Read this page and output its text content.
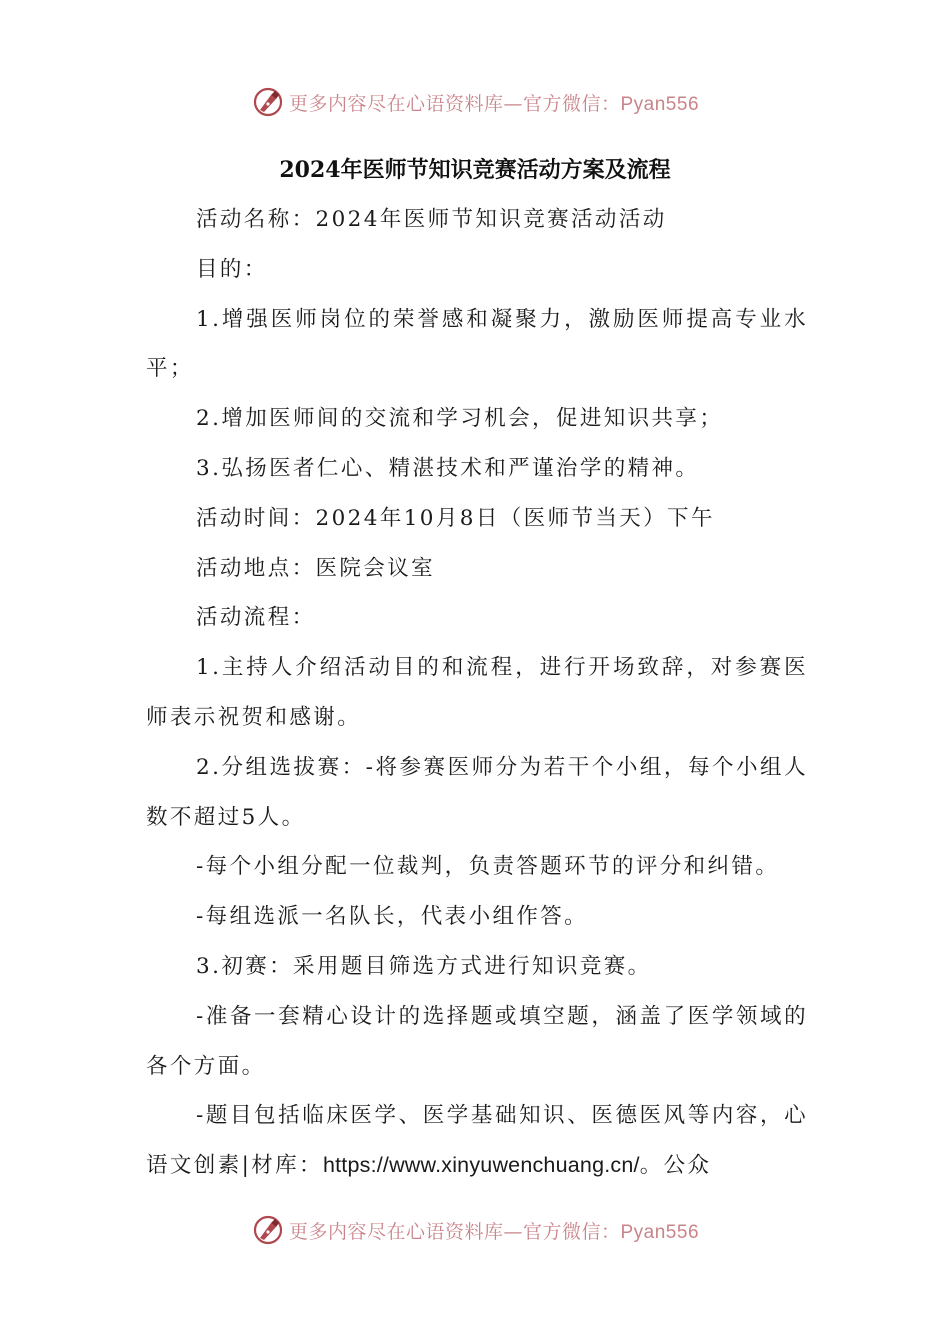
更多内容尽在心语资料库—官方微信：Pyan556
2024年医师节知识竞赛活动方案及流程

活动名称：2024年医师节知识竞赛活动活动

目的：

1.增强医师岗位的荣誉感和凝聚力，激励医师提高专业水平；

2.增加医师间的交流和学习机会，促进知识共享；

3.弘扬医者仁心、精湛技术和严谨治学的精神。

活动时间：2024年10月8日（医师节当天）下午

活动地点：医院会议室

活动流程：

1.主持人介绍活动目的和流程，进行开场致辞，对参赛医师表示祝贺和感谢。

2.分组选拔赛：-将参赛医师分为若干个小组，每个小组人数不超过5人。

-每个小组分配一位裁判，负责答题环节的评分和纠错。

-每组选派一名队长，代表小组作答。

3.初赛：采用题目筛选方式进行知识竞赛。

-准备一套精心设计的选择题或填空题，涵盖了医学领域的各个方面。

-题目包括临床医学、医学基础知识、医德医风等内容，心语文创素|材库：https://www.xinyuwenchuang.cn/。公众

更多内容尽在心语资料库—官方微信：Pyan556
